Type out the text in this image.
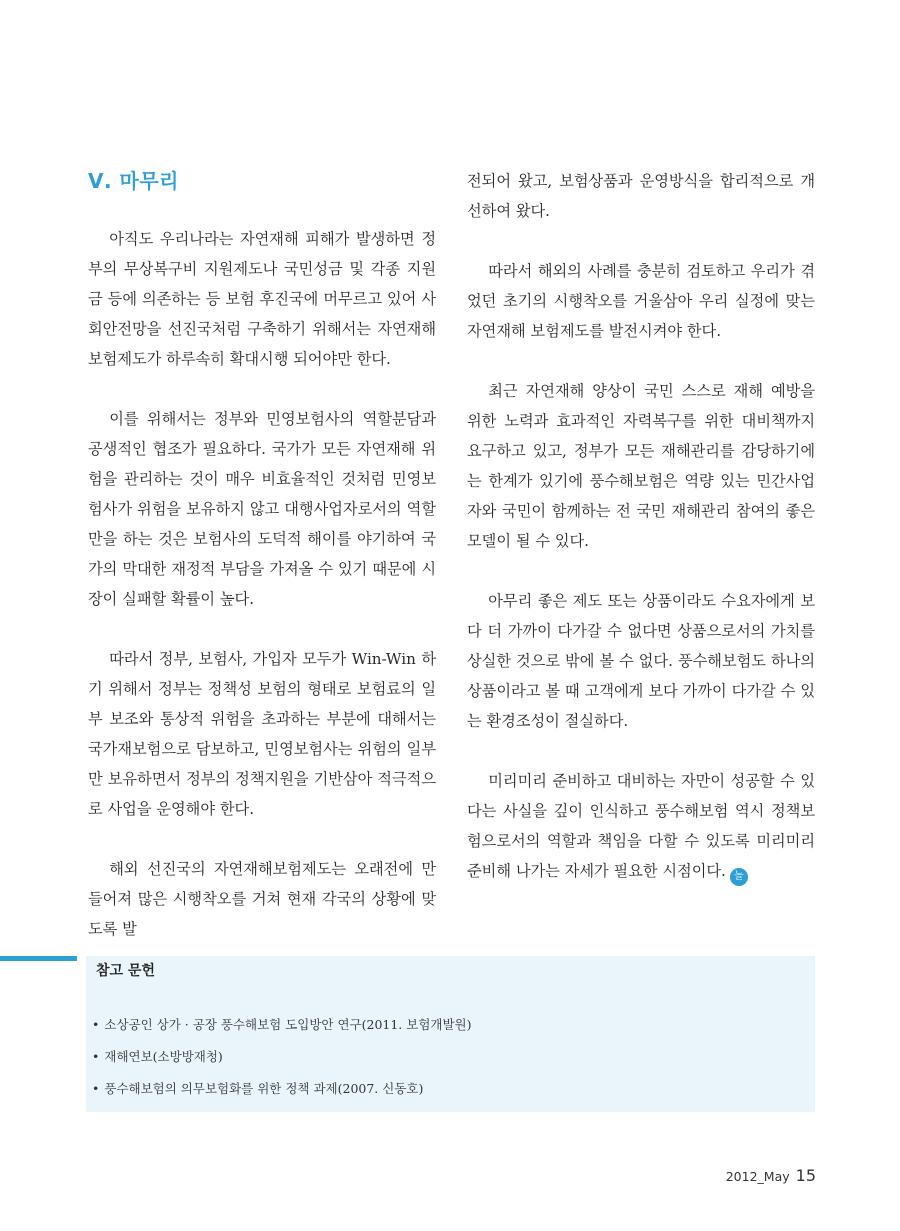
Ⅴ. 마무리

아직도 우리나라는 자연재해 피해가 발생하면 정부의 무상복구비 지원제도나 국민성금 및 각종 지원금 등에 의존하는 등 보험 후진국에 머무르고 있어 사회안전망을 선진국처럼 구축하기 위해서는 자연재해 보험제도가 하루속히 확대시행 되어야만 한다.

이를 위해서는 정부와 민영보험사의 역할분담과 공생적인 협조가 필요하다. 국가가 모든 자연재해 위험을 관리하는 것이 매우 비효율적인 것처럼 민영보험사가 위험을 보유하지 않고 대행사업자로서의 역할만을 하는 것은 보험사의 도덕적 해이를 야기하여 국가의 막대한 재정적 부담을 가져올 수 있기 때문에 시장이 실패할 확률이 높다.

따라서 정부, 보험사, 가입자 모두가 Win-Win 하기 위해서 정부는 정책성 보험의 형태로 보험료의 일부 보조와 통상적 위험을 초과하는 부분에 대해서는 국가재보험으로 담보하고, 민영보험사는 위험의 일부만 보유하면서 정부의 정책지원을 기반삼아 적극적으로 사업을 운영해야 한다.

해외 선진국의 자연재해보험제도는 오래전에 만들어져 많은 시행착오를 거쳐 현재 각국의 상황에 맞도록 발

전되어 왔고, 보험상품과 운영방식을 합리적으로 개선하여 왔다.

따라서 해외의 사례를 충분히 검토하고 우리가 겪었던 초기의 시행착오를 거울삼아 우리 실정에 맞는 자연재해 보험제도를 발전시켜야 한다.

최근 자연재해 양상이 국민 스스로 재해 예방을 위한 노력과 효과적인 자력복구를 위한 대비책까지 요구하고 있고, 정부가 모든 재해관리를 감당하기에는 한계가 있기에 풍수해보험은 역량 있는 민간사업자와 국민이 함께하는 전 국민 재해관리 참여의 좋은 모델이 될 수 있다.

아무리 좋은 제도 또는 상품이라도 수요자에게 보다 더 가까이 다가갈 수 없다면 상품으로서의 가치를 상실한 것으로 밖에 볼 수 없다. 풍수해보험도 하나의 상품이라고 볼 때 고객에게 보다 가까이 다가갈 수 있는 환경조성이 절실하다.

미리미리 준비하고 대비하는 자만이 성공할 수 있다는 사실을 깊이 인식하고 풍수해보험 역시 정책보험으로서의 역할과 책임을 다할 수 있도록 미리미리 준비해 나가는 자세가 필요한 시점이다. 놀

참고 문헌
• 소상공인 상가 · 공장 풍수해보험 도입방안 연구(2011. 보험개발원)
• 재해연보(소방방재청)
• 풍수해보험의 의무보험화를 위한 정책 과제(2007. 신동호)
2012_May 15
